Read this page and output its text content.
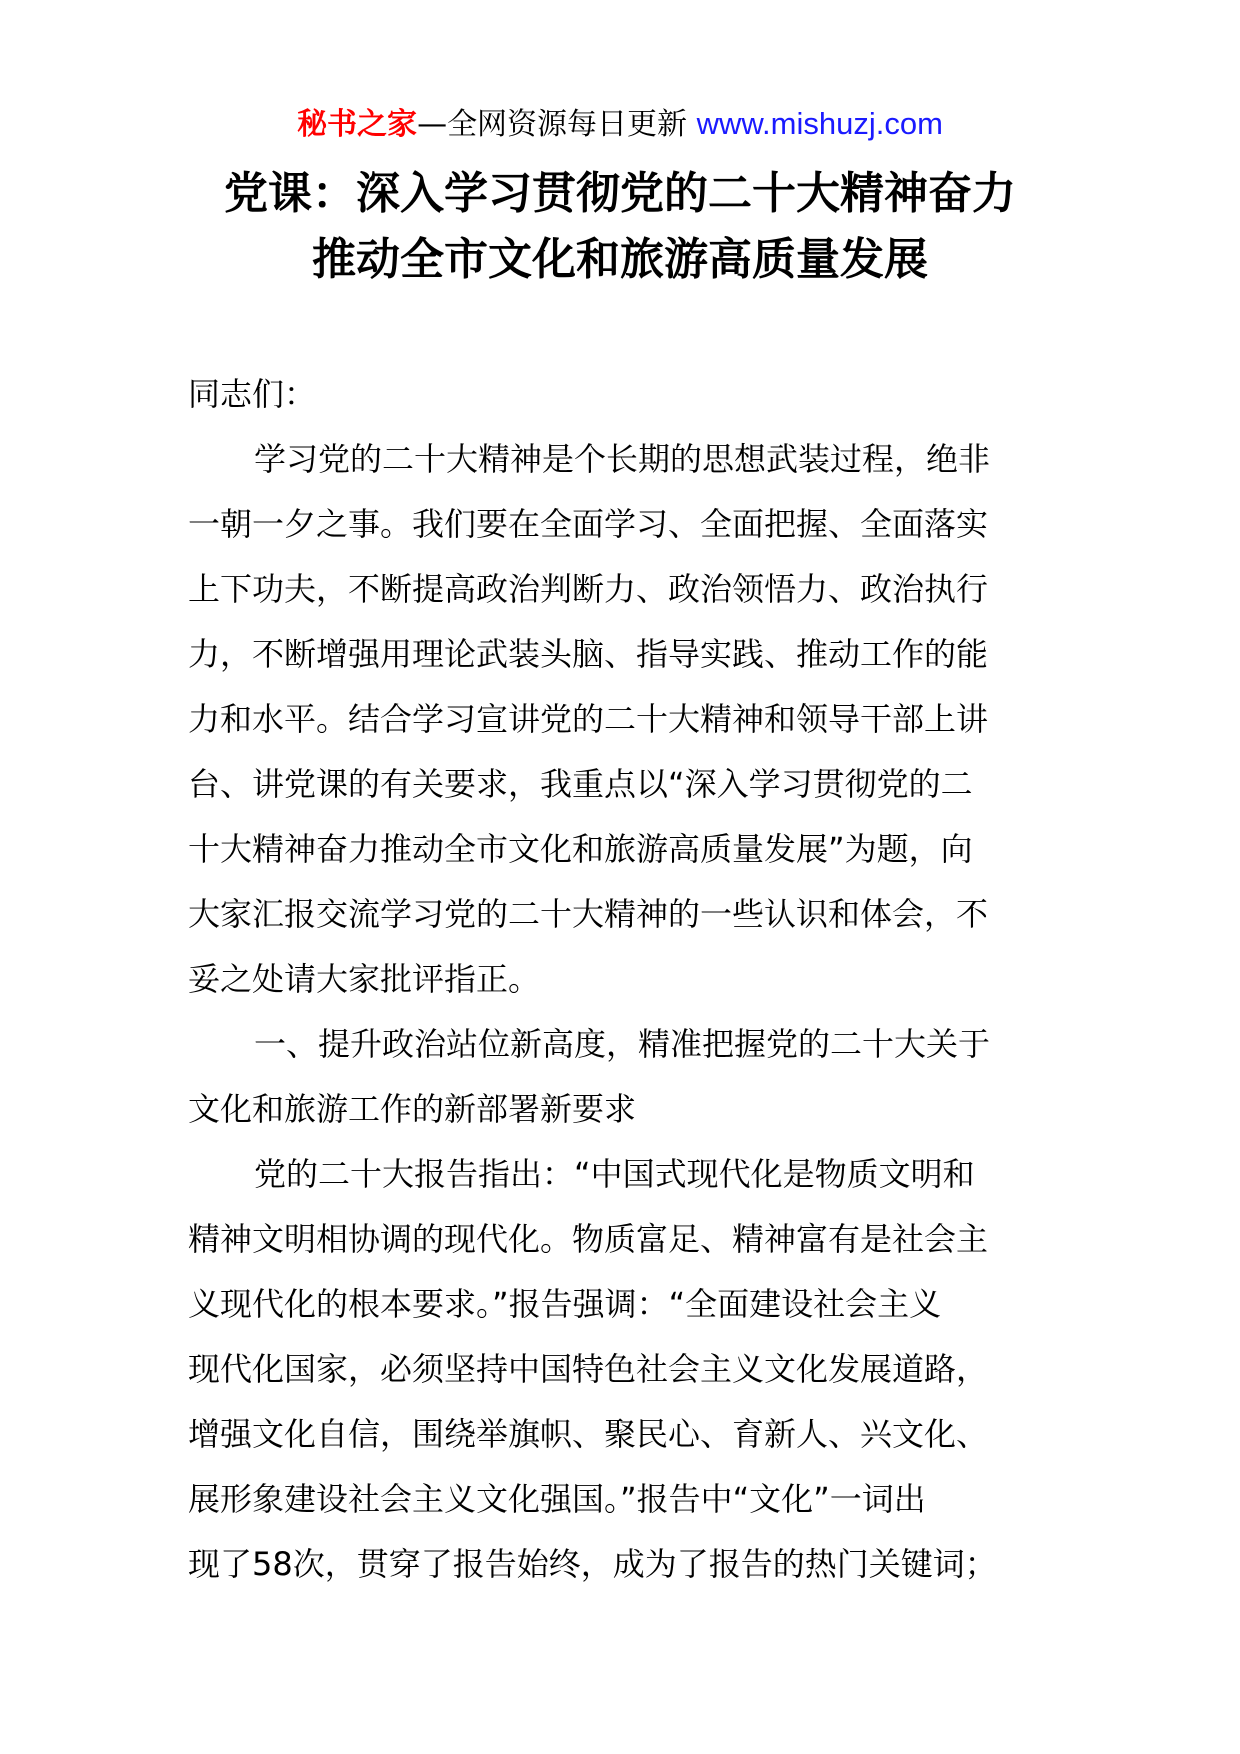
秘书之家—全网资源每日更新 www.mishuzj.com
党课：深入学习贯彻党的二十大精神奋力
推动全市文化和旅游高质量发展
同志们：
学习党的二十大精神是个长期的思想武装过程，绝非
一朝一夕之事。我们要在全面学习、全面把握、全面落实
上下功夫，不断提高政治判断力、政治领悟力、政治执行
力，不断增强用理论武装头脑、指导实践、推动工作的能
力和水平。结合学习宣讲党的二十大精神和领导干部上讲
台、讲党课的有关要求，我重点以“深入学习贯彻党的二
十大精神奋力推动全市文化和旅游高质量发展”为题，向
大家汇报交流学习党的二十大精神的一些认识和体会，不
妥之处请大家批评指正。
一、提升政治站位新高度，精准把握党的二十大关于
文化和旅游工作的新部署新要求
党的二十大报告指出：“中国式现代化是物质文明和
精神文明相协调的现代化。物质富足、精神富有是社会主
义现代化的根本要求。”报告强调：“全面建设社会主义
现代化国家，必须坚持中国特色社会主义文化发展道路，
增强文化自信，围绕举旗帜、聚民心、育新人、兴文化、
展形象建设社会主义文化强国。”报告中“文化”一词出
现了58次，贯穿了报告始终，成为了报告的热门关键词；
